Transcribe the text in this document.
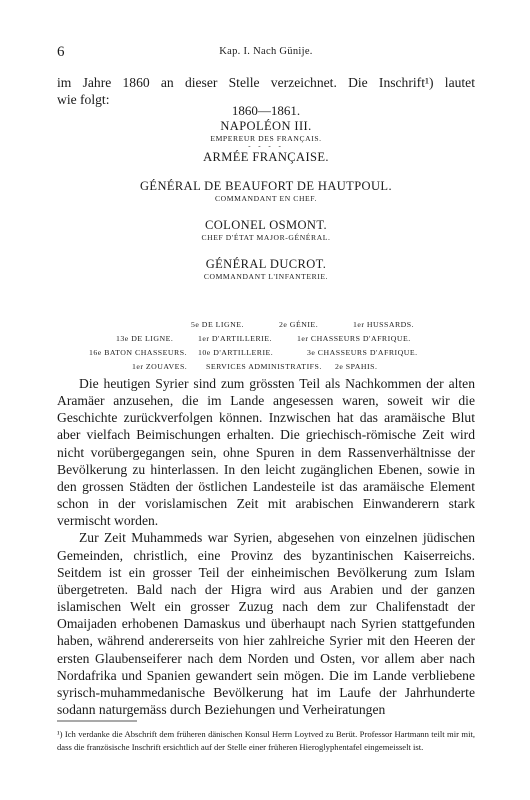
6	Kap. I. Nach Günije.
im Jahre 1860 an dieser Stelle verzeichnet. Die Inschrift¹) lautet
wie folgt:
1860—1861.
NAPOLÉON III.
EMPEREUR DES FRANÇAIS.
- - - -
ARMÉE FRANÇAISE.
GÉNÉRAL DE BEAUFORT DE HAUTPOUL.
COMMANDANT EN CHEF.
COLONEL OSMONT.
CHEF D'ÉTAT MAJOR-GÉNÉRAL.
GÉNÉRAL DUCROT.
COMMANDANT L'INFANTERIE.
5e DE LIGNE.	2e GÉNIE.	1er HUSSARDS.
13e DE LIGNE.	1er D'ARTILLERIE.	1er CHASSEURS D'AFRIQUE.
16e BATON CHASSEURS. 10e D'ARTILLERIE.	3e CHASSEURS D'AFRIQUE.
1er ZOUAVES. SERVICES ADMINISTRATIFS. 2e SPAHIS.

Die heutigen Syrier sind zum grössten Teil als Nachkommen der alten Aramäer anzusehen, die im Lande angesessen waren, soweit wir die Geschichte zurückverfolgen können. Inzwischen hat das aramäische Blut aber vielfach Beimischungen erhalten. Die griechisch-römische Zeit wird nicht vorübergegangen sein, ohne Spuren in dem Rassenverhältnisse der Bevölkerung zu hinterlassen. In den leicht zugänglichen Ebenen, sowie in den grossen Städten der östlichen Landesteile ist das aramäische Element schon in der vorislamischen Zeit mit arabischen Einwanderern stark vermischt worden.

Zur Zeit Muhammeds war Syrien, abgesehen von einzelnen jüdischen Gemeinden, christlich, eine Provinz des byzantinischen Kaiserreichs. Seitdem ist ein grosser Teil der einheimischen Bevölkerung zum Islam übergetreten. Bald nach der Higra wird aus Arabien und der ganzen islamischen Welt ein grosser Zuzug nach dem zur Chalifenstadt der Omaijaden erhobenen Damaskus und überhaupt nach Syrien stattgefunden haben, während andererseits von hier zahlreiche Syrier mit den Heeren der ersten Glaubenseiferer nach dem Norden und Osten, vor allem aber nach Nordafrika und Spanien gewandert sein mögen. Die im Lande verbliebene syrisch-muhammedanische Bevölkerung hat im Laufe der Jahrhunderte sodann naturgemäss durch Beziehungen und Verheiratungen

¹) Ich verdanke die Abschrift dem früheren dänischen Konsul Herrn Loytved zu Berüt. Professor Hartmann teilt mir mit, dass die französische Inschrift ersichtlich auf der Stelle einer früheren Hieroglyphentafel eingemeisselt ist.
